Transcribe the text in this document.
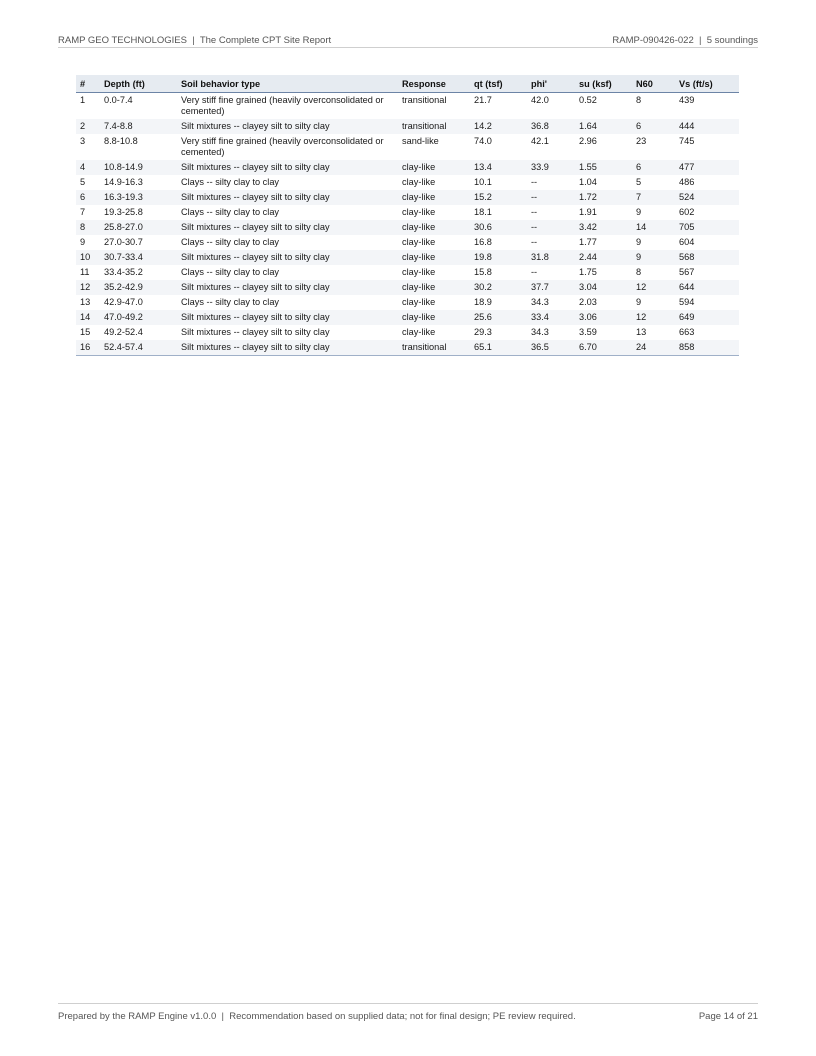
RAMP GEO TECHNOLOGIES  |  The Complete CPT Site Report	RAMP-090426-022  |  5 soundings
#	Depth (ft)	Soil behavior type	Response	qt (tsf)	phi'	su (ksf)	N60	Vs (ft/s)
1	0.0-7.4	Very stiff fine grained (heavily overconsolidated or cemented)	transitional	21.7	42.0	0.52	8	439
2	7.4-8.8	Silt mixtures -- clayey silt to silty clay	transitional	14.2	36.8	1.64	6	444
3	8.8-10.8	Very stiff fine grained (heavily overconsolidated or cemented)	sand-like	74.0	42.1	2.96	23	745
4	10.8-14.9	Silt mixtures -- clayey silt to silty clay	clay-like	13.4	33.9	1.55	6	477
5	14.9-16.3	Clays -- silty clay to clay	clay-like	10.1	--	1.04	5	486
6	16.3-19.3	Silt mixtures -- clayey silt to silty clay	clay-like	15.2	--	1.72	7	524
7	19.3-25.8	Clays -- silty clay to clay	clay-like	18.1	--	1.91	9	602
8	25.8-27.0	Silt mixtures -- clayey silt to silty clay	clay-like	30.6	--	3.42	14	705
9	27.0-30.7	Clays -- silty clay to clay	clay-like	16.8	--	1.77	9	604
10	30.7-33.4	Silt mixtures -- clayey silt to silty clay	clay-like	19.8	31.8	2.44	9	568
11	33.4-35.2	Clays -- silty clay to clay	clay-like	15.8	--	1.75	8	567
12	35.2-42.9	Silt mixtures -- clayey silt to silty clay	clay-like	30.2	37.7	3.04	12	644
13	42.9-47.0	Clays -- silty clay to clay	clay-like	18.9	34.3	2.03	9	594
14	47.0-49.2	Silt mixtures -- clayey silt to silty clay	clay-like	25.6	33.4	3.06	12	649
15	49.2-52.4	Silt mixtures -- clayey silt to silty clay	clay-like	29.3	34.3	3.59	13	663
16	52.4-57.4	Silt mixtures -- clayey silt to silty clay	transitional	65.1	36.5	6.70	24	858
Prepared by the RAMP Engine v1.0.0  |  Recommendation based on supplied data; not for final design; PE review required.	Page 14 of 21
